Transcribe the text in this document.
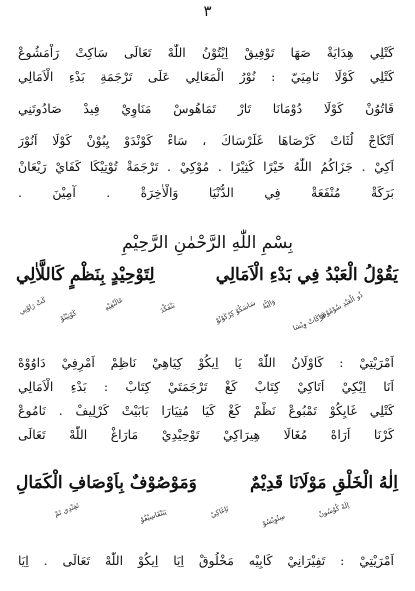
٣
كَتْلِي هِدَايَةْ صَهَا تَوْفِيقْ اِيْتُوْنُ اللّٰهْ تَعَالَى سَاكِتْ رَاْمَشُوعْ
كَتْلِي كَوْلَا نَامِيَيّ : نُوْرُ الْمَعَالِي عَلَى تَرْجَمَةِ بَدْءِ الْاَمَالِي
قَاتُوُنْ كَوْلَا دُوْمَانَا تَارْ تَمَاهُوسْ مَنَاوِيْ فِيدْ صَادُوتَنِي
اَتْكَاجْ لُثَاتْ كَرْصَاهَا غَلَرْسَاكَ ، سَاءْ كَوْنْدَوْ يِبُوْنْ كَوْلَا اَنُوْرَ
اَكِيْ . جَزَاكُمُ اللّٰهُ خَيْرًا كَثِيْرًا . مُوْكِيْ . تَرْجَمَةْ تُوْتِيْكَا كَفَايْ رَيْعَانْ
بَرَكَةْ مُنْفَعَةْ فِي الدُّنْيَا وَالْاٰخِرَةْ . آمِيْنَ .
بِسْمِ اللّٰهِ الرَّحْمٰنِ الرَّحِيْمِ
يَقُوْلُ الْعَبْدُ فِي بَدْءِ الْاَمَالِي
لِتَوْحِيْدٍ بِنَظْمٍ كَاللَّاٰلِي
ذُو الْعَبْدِ سُوْمُوْصَا
كَرْكَاتْ وِيْسَا
وَالِيُّهُ
سَاسَكُوْ كِرْكَوْنُوْ
بَنْفَكْدَ
عَالَنْفِيْهِ
كَوْتِيْنُوْ
كَتْ رَاوْنِي
اَمْرَيْتِيْ : كَاوْلَانُ اللّٰهْ يَا اِيكُوْ كِيَاهِيْ نَاظِمْ اَمْرِفِيْ دَاوُوْهْ
اَنَا اِيْكِيْ اَتَاكِيْ كِتَابْ كَغْ تَرْجَمَتَيْ كِتَابْ : بَدْءِ الْاَمَالِي
كَتْلِي غَايِكُوْ تَمْبُوعْ نَظْمْ كَغْ كَيَا مُتِيَارَا بَابَيْتْ كَرْلِيفْ . نَامُوعْ
كَرْنَا اَرَاهْ مُغَالَا هِيرَاكِيْ تَوْحِيْدِيْ مَارَاغْ اللّٰهْ تَعَالَى
اِلٰهُ الْخَلْقِ مَوْلَانَا قَدِيْمٌ
وَمَوْصُوْفٌ بِاَوْصَافِ الْكَمَالِ
اِلَهْ كُوْسُونْ
سِتُوِيْسُوْ
نَاِغَاكِيْ
يَنَنْقَاسِيْفُوْ
تَفِنْدِي تَمْ
اَمْرَيْتِيْ : تَفِيْرَانِيْ كَابِيْه مَخْلُوقْ اِيَا اِيكُوْ اللّٰهْ تَعَالَى . اِيَا
